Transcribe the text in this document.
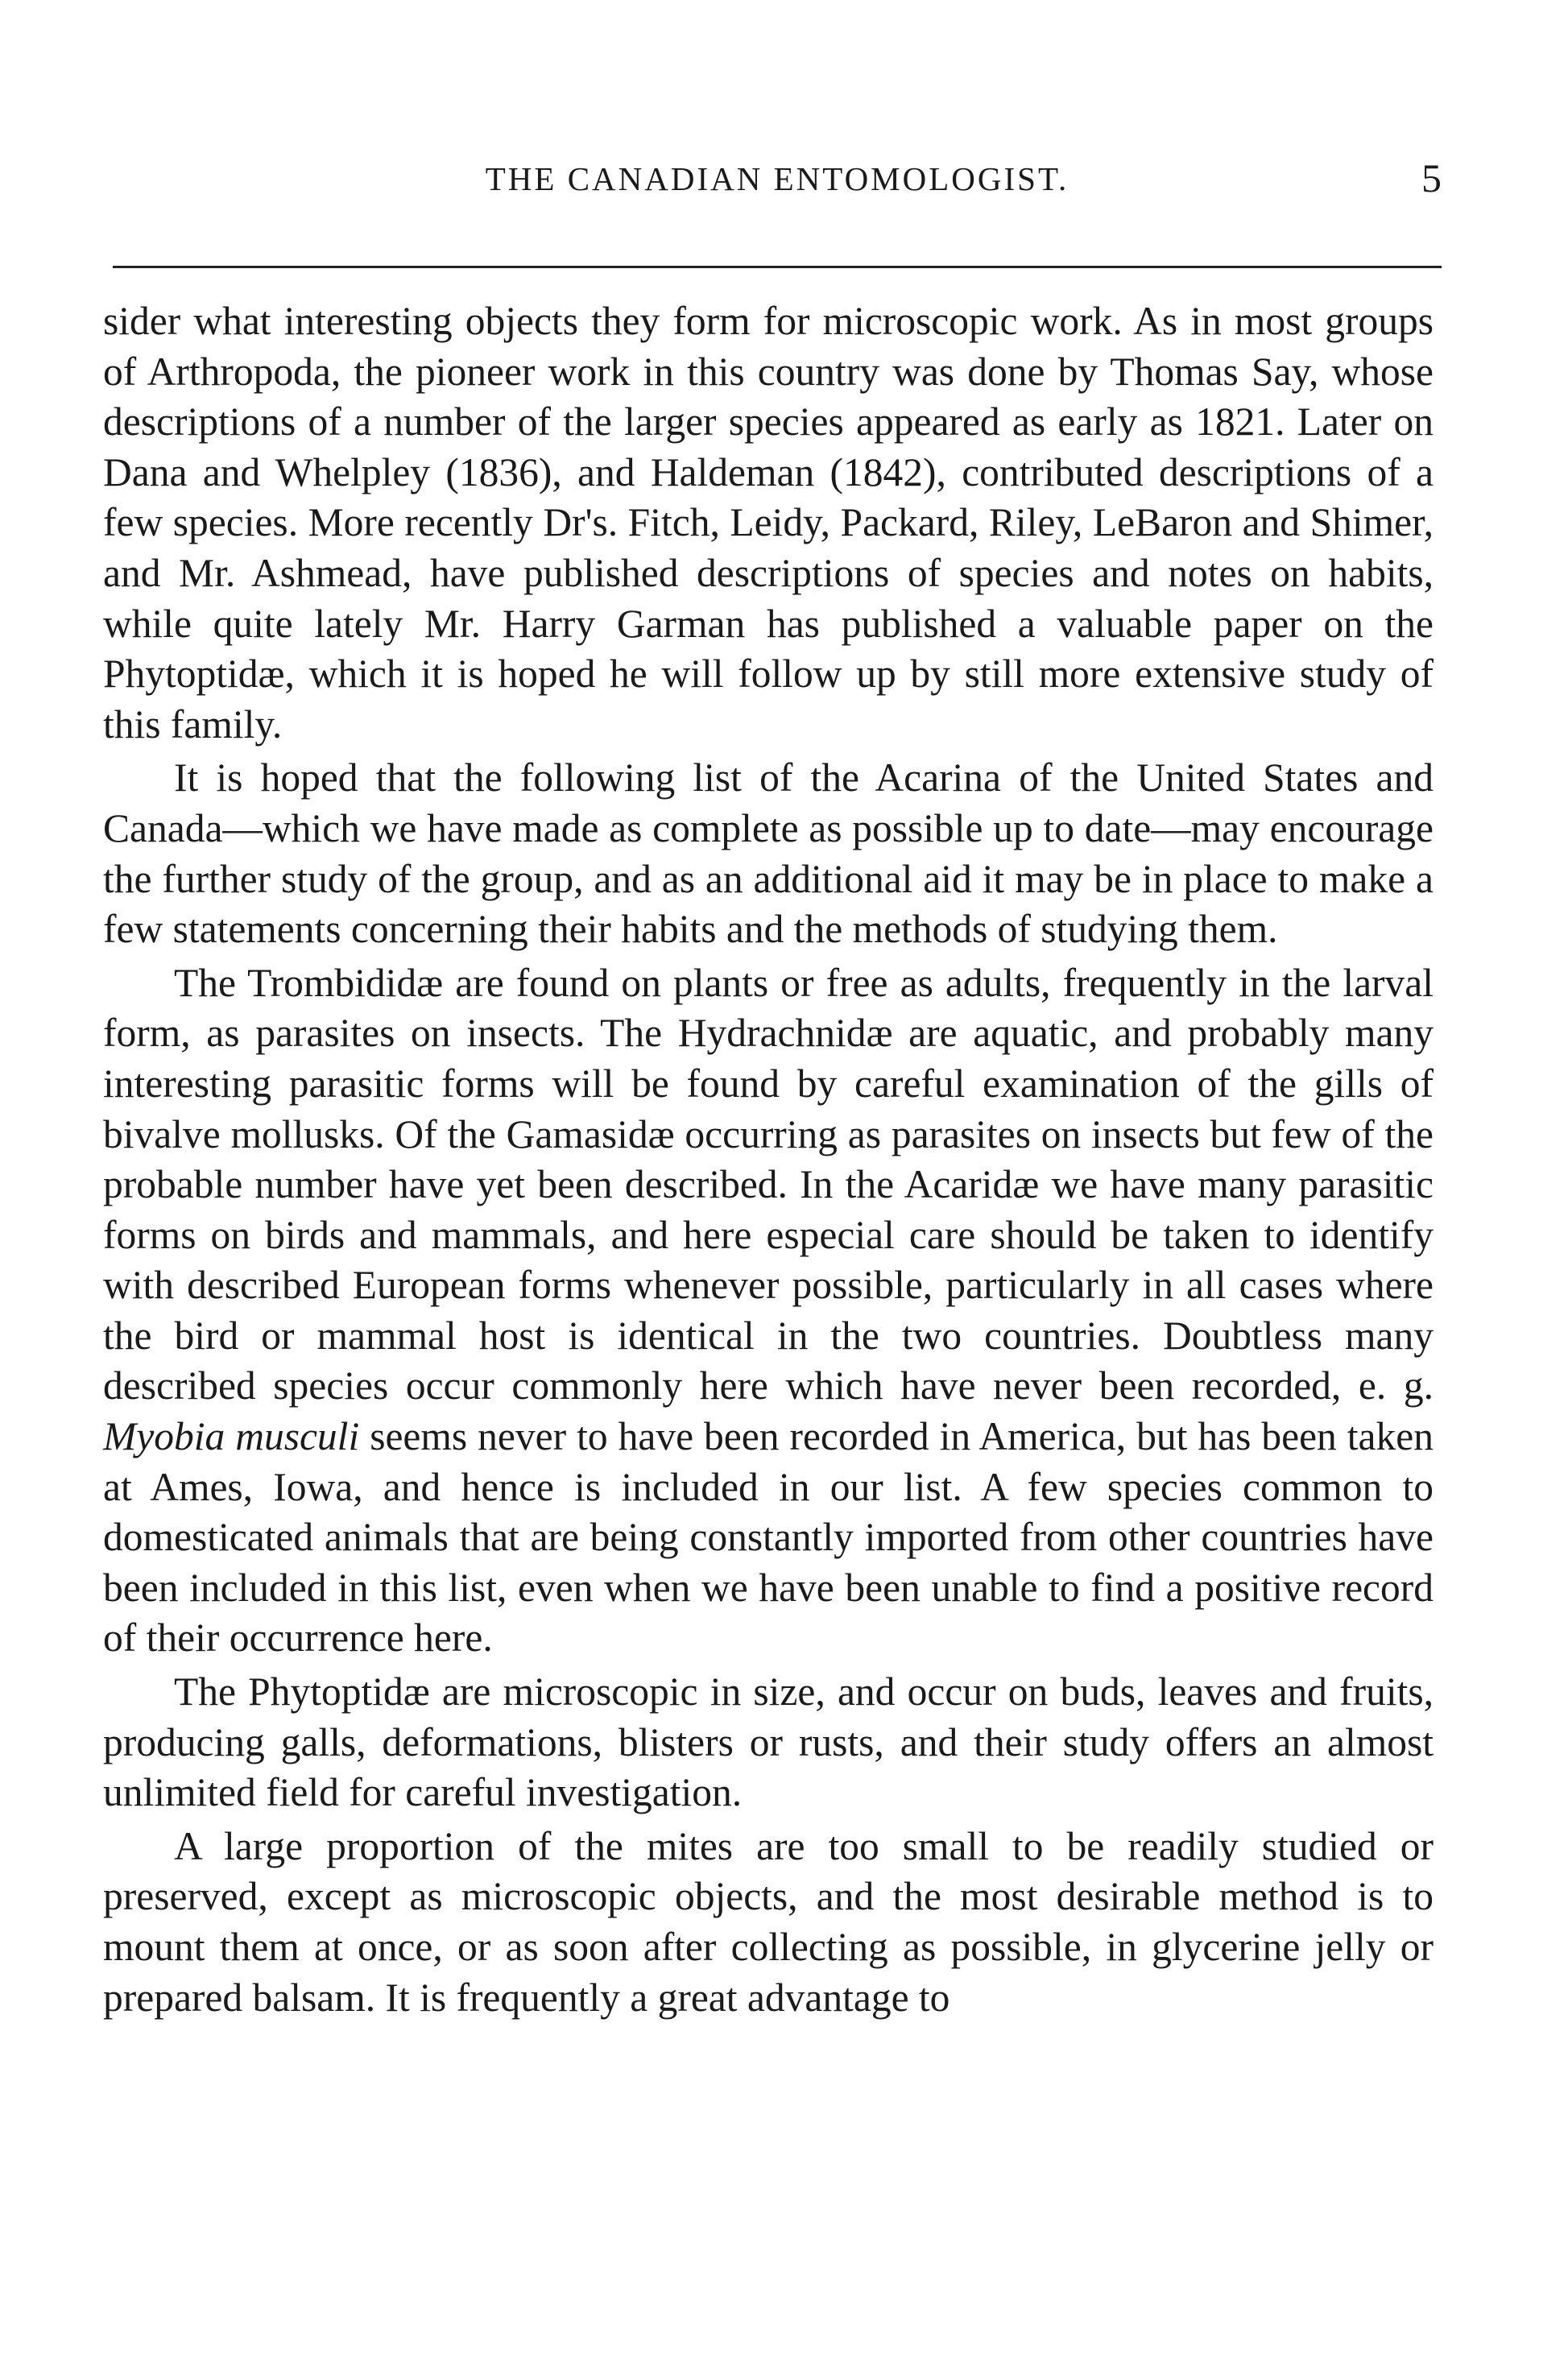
THE CANADIAN ENTOMOLOGIST.	5

sider what interesting objects they form for microscopic work. As in most groups of Arthropoda, the pioneer work in this country was done by Thomas Say, whose descriptions of a number of the larger species appeared as early as 1821. Later on Dana and Whelpley (1836), and Haldeman (1842), contributed descriptions of a few species. More recently Dr's. Fitch, Leidy, Packard, Riley, LeBaron and Shimer, and Mr. Ashmead, have published descriptions of species and notes on habits, while quite lately Mr. Harry Garman has published a valuable paper on the Phytoptidæ, which it is hoped he will follow up by still more extensive study of this family.

It is hoped that the following list of the Acarina of the United States and Canada—which we have made as complete as possible up to date—may encourage the further study of the group, and as an additional aid it may be in place to make a few statements concerning their habits and the methods of studying them.

The Trombididæ are found on plants or free as adults, frequently in the larval form, as parasites on insects. The Hydrachnidæ are aquatic, and probably many interesting parasitic forms will be found by careful examination of the gills of bivalve mollusks. Of the Gamasidæ occurring as parasites on insects but few of the probable number have yet been described. In the Acaridæ we have many parasitic forms on birds and mammals, and here especial care should be taken to identify with described European forms whenever possible, particularly in all cases where the bird or mammal host is identical in the two countries. Doubtless many described species occur commonly here which have never been recorded, e. g. Myobia musculi seems never to have been recorded in America, but has been taken at Ames, Iowa, and hence is included in our list. A few species common to domesticated animals that are being constantly imported from other countries have been included in this list, even when we have been unable to find a positive record of their occurrence here.

The Phytoptidæ are microscopic in size, and occur on buds, leaves and fruits, producing galls, deformations, blisters or rusts, and their study offers an almost unlimited field for careful investigation.

A large proportion of the mites are too small to be readily studied or preserved, except as microscopic objects, and the most desirable method is to mount them at once, or as soon after collecting as possible, in glycerine jelly or prepared balsam. It is frequently a great advantage to
